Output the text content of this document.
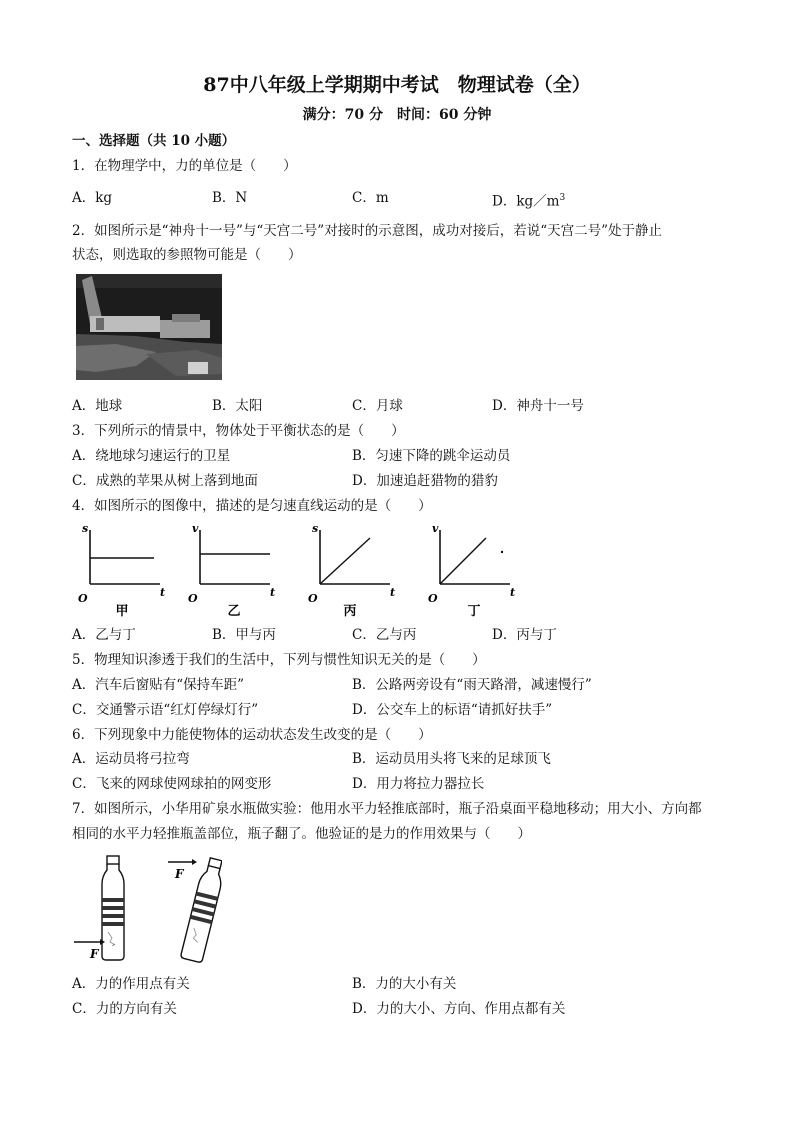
87中八年级上学期期中考试　物理试卷（全）
满分：70 分　时间：60 分钟
一、选择题（共 10 小题）
1．在物理学中，力的单位是（　　）
A．kg	B．N	C．m	D．$kg/m^3$
2．如图所示是“神舟十一号”与“天宫二号”对接时的示意图，成功对接后，若说“天宫二号”处于静止
状态，则选取的参照物可能是（　　）
A．地球	B．太阳	C．月球	D．神舟十一号
3．下列所示的情景中，物体处于平衡状态的是（　　）
A．绕地球匀速运行的卫星	B．匀速下降的跳伞运动员
C．成熟的苹果从树上落到地面	D．加速追赶猎物的猎豹
4．如图所示的图像中，描述的是匀速直线运动的是（　　）
s
t
O
甲
v
t
O
乙
s
t
O
丙
v
t
O
丁
A．乙与丁	B．甲与丙	C．乙与丙	D．丙与丁
5．物理知识渗透于我们的生活中，下列与惯性知识无关的是（　　）
A．汽车后窗贴有“保持车距”	B．公路两旁设有“雨天路滑，减速慢行”
C．交通警示语“红灯停绿灯行”	D．公交车上的标语“请抓好扶手”
6．下列现象中力能使物体的运动状态发生改变的是（　　）
A．运动员将弓拉弯	B．运动员用头将飞来的足球顶飞
C．飞来的网球使网球拍的网变形	D．用力将拉力器拉长
7．如图所示，小华用矿泉水瓶做实验：他用水平力轻推底部时，瓶子沿桌面平稳地移动；用大小、方向都
相同的水平力轻推瓶盖部位，瓶子翻了。他验证的是力的作用效果与（　　）
F
F
A．力的作用点有关	B．力的大小有关
C．力的方向有关	D．力的大小、方向、作用点都有关
